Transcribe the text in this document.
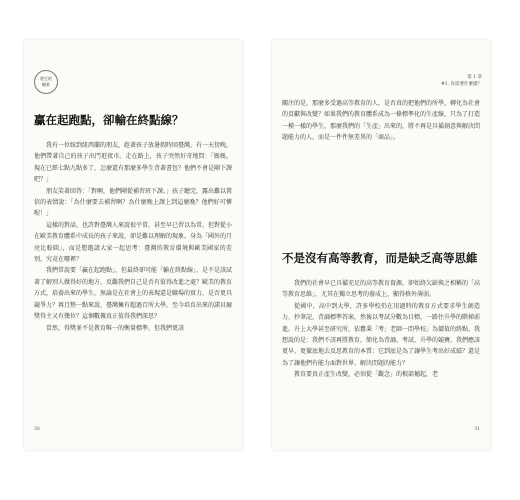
遊它的
願景
贏在起跑點，卻輸在終點線？

我有一位嫁到紐西蘭的朋友，趁著孩子放暑假時回臺灣，有一天傍晚，他們帶著自己的孩子出門逛夜市。走在路上，孩子突然好奇地問：「媽媽，現在已經七點九點多了，怎麼還有那麼多學生背著書包？他們不會是剛下課吧？」

朋友笑著回答：「對啊，他們剛從補習班下課。」孩子聽完，露出難以置信的表情說：「為什麼要去補習啊？為什麼晚上課上到這麼晚？他們好可憐喔！」

這樣的對話，也許對臺灣人來說很平常，甚至早已習以為常，但對從小在歐美教育體系中成長的孩子來說，卻是難以理解的現象。身為「國外的月亮比較圓」，而是想邀請大家一起思考：臺灣的教育環境與歐美國家的差別，究竟在哪裡？

我們常說要「贏在起跑點」，但最終卻可能「輸在終點線」，是不是該試著了解別人做得好的地方，反觀我們自己是否有值得改進之處？歐美的教育方式，培養出來的學生，無論是在社會上的表現還是職場的實力，是否更具競爭力？再且整一點來說，臺灣擁有超過百所大學，至今培育出來的諾貝爾獎得主又有幾位？這個數據真正值得我們深思？

當然，得獎並不是教育唯一的衡量標準，但我們更該

30
第 1 章
#1. 你需要什麼樣？

關注的是，那麼多受過高等教育的人，是否真的把他們的所學，轉化為社會的貢獻與改變？如果我們的教育體系成為一條標準化的生產線，只為了打造一模一樣的學生，那麼我們的「生產」出來的，將不再是具備創意與解決問題能力的人，而是一件件無差異的「商品」。

不是沒有高等教育，而是缺乏高等思維

我們的社會早已具備充足的高等教育資源，卻始終欠缺與之相稱的「高等教育思維」，尤其在獨立思考的養成上，顯得格外薄弱。

從國中、高中到大學，許多學校仍在用過時的教育方式要求學生創造力、抄筆記，背誦標準答案，然後以考試分數為目標，一路往升學的階梯前進。升上大學甚至研究所，依舊秉「考」老師一問學校」為價值的終點，我想說的是：我們不該再將教育，簡化為背誦、考試、升學的競賽，我們應該更早、更徹底地去反思教育的本質：它到底是為了讓學生考出好成績？還是為了讓他們有能力面對世界、解決問題的能力？

教育要真正產生改變，必須從「觀念」的根部撼起，老

31
